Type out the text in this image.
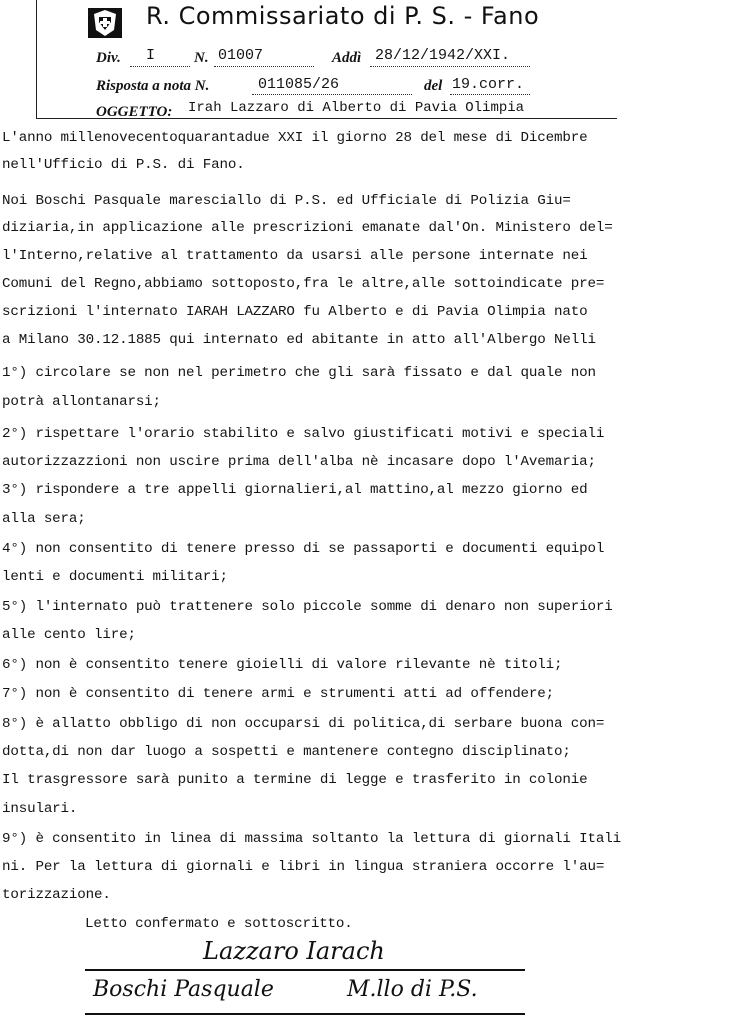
R. Commissariato di P. S. - Fano
Div. I	N. 01007	Addì 28/12/1942/XXI.
Risposta a nota N.	011085/26	del 19.corr.
OGGETTO: Irah Lazzaro di Alberto di Pavia Olimpia
L'anno millenovecentoquarantadue XXI il giorno 28 del mese di Dicembre
nell'Ufficio di P.S. di Fano.
Noi Boschi Pasquale maresciallo di P.S. ed Ufficiale di Polizia Giu=
diziaria,in applicazione alle prescrizioni emanate dal'On. Ministero del=
l'Interno,relative al trattamento da usarsi alle persone internate nei
Comuni del Regno,abbiamo sottoposto,fra le altre,alle sottoindicate pre=
scrizioni l'internato IARAH LAZZARO fu Alberto e di Pavia Olimpia nato
a Milano 30.12.1885 qui internato ed abitante in atto all'Albergo Nelli
1°) circolare se non nel perimetro che gli sarà fissato e dal quale non
potrà allontanarsi;
2°) rispettare l'orario stabilito e salvo giustificati motivi e speciali
autorizzazzioni non uscire prima dell'alba nè incasare dopo l'Avemaria;
3°) rispondere a tre appelli giornalieri,al mattino,al mezzo giorno ed
alla sera;
4°) non consentito di tenere presso di se passaporti e documenti equipol
lenti e documenti militari;
5°) l'internato può trattenere solo piccole somme di denaro non superiori
alle cento lire;
6°) non è consentito tenere gioielli di valore rilevante nè titoli;
7°) non è consentito di tenere armi e strumenti atti ad offendere;
8°) è allatto obbligo di non occuparsi di politica,di serbare buona con=
dotta,di non dar luogo a sospetti e mantenere contegno disciplinato;
Il trasgressore sarà punito a termine di legge e trasferito in colonie
insulari.
9°) è consentito in linea di massima soltanto la lettura di giornali Itali
ni. Per la lettura di giornali e libri in lingua straniera occorre l'au=
torizzazione.
Letto confermato e sottoscritto.
Lazzaro Iarach
Boschi Pasquale	M.llo di P.S.
